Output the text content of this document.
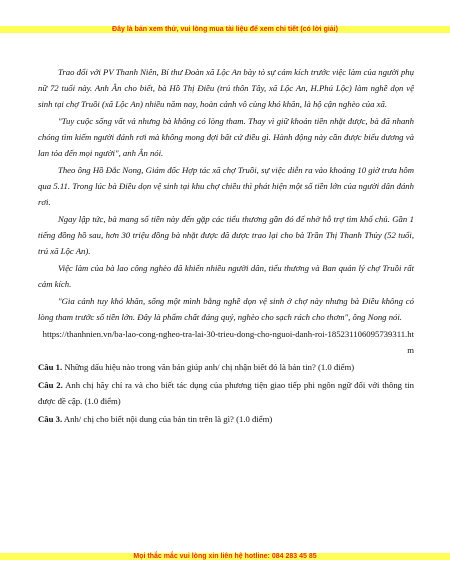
Đây là bản xem thử, vui lòng mua tài liệu để xem chi tiết (có lời giải)

Trao đổi với PV Thanh Niên, Bí thư Đoàn xã Lộc An bày tỏ sự cảm kích trước việc làm của người phụ nữ 72 tuổi này. Anh Ân cho biết, bà Hồ Thị Điều (trú thôn Tây, xã Lộc An, H.Phú Lộc) làm nghề dọn vệ sinh tại chợ Truồi (xã Lộc An) nhiều năm nay, hoàn cảnh vô cùng khó khăn, là hộ cận nghèo của xã.

"Tuy cuộc sống vất vả nhưng bà không có lòng tham. Thay vì giữ khoản tiền nhặt được, bà đã nhanh chóng tìm kiếm người đánh rơi mà không mong đợi bất cứ điều gì. Hành động này cần được biểu dương và lan tỏa đến mọi người", anh Ân nói.

Theo ông Hồ Đắc Nong, Giám đốc Hợp tác xã chợ Truồi, sự việc diễn ra vào khoảng 10 giờ trưa hôm qua 5.11. Trong lúc bà Điều dọn vệ sinh tại khu chợ chiều thì phát hiện một số tiền lớn của người dân đánh rơi.

Ngay lập tức, bà mang số tiền này đến gặp các tiểu thương gần đó để nhờ hỗ trợ tìm khổ chủ. Gần 1 tiếng đồng hồ sau, hơn 30 triệu đồng bà nhặt được đã được trao lại cho bà Trần Thị Thanh Thủy (52 tuổi, trú xã Lộc An).

Việc làm của bà lao công nghèo đã khiến nhiều người dân, tiểu thương và Ban quản lý chợ Truồi rất cảm kích.

"Gia cảnh tuy khó khăn, sống một mình bằng nghề dọn vệ sinh ở chợ này nhưng bà Điều không có lòng tham trước số tiền lớn. Đây là phẩm chất đáng quý, nghèo cho sạch rách cho thơm", ông Nong nói.

https://thanhnien.vn/ba-lao-cong-ngheo-tra-lai-30-trieu-dong-cho-nguoi-danh-roi-185231106095739311.htm

Câu 1. Những dấu hiệu nào trong văn bản giúp anh/ chị nhận biết đó là bản tin? (1.0 điểm)

Câu 2. Anh chị hãy chỉ ra và cho biết tác dụng của phương tiện giao tiếp phi ngôn ngữ đối với thông tin được đề cập. (1.0 điểm)

Câu 3. Anh/ chị cho biết nội dung của bản tin trên là gì? (1.0 điểm)

Mọi thắc mắc vui lòng xin liên hệ hotline: 084 283 45 85
